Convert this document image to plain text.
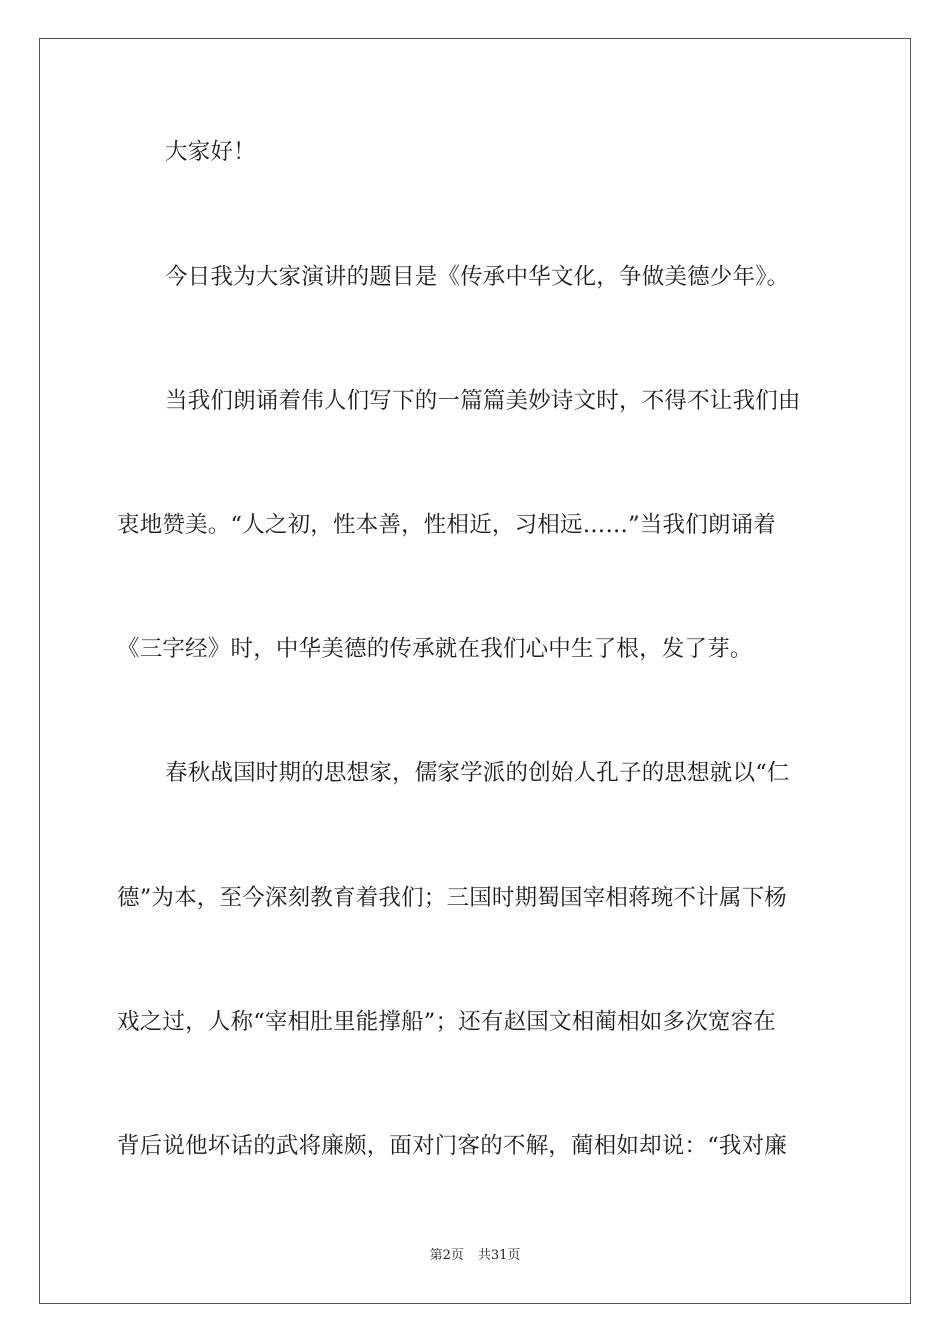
大家好！
今日我为大家演讲的题目是《传承中华文化，争做美德少年》。
当我们朗诵着伟人们写下的一篇篇美妙诗文时，不得不让我们由
衷地赞美。“人之初，性本善，性相近，习相远……”当我们朗诵着
《三字经》时，中华美德的传承就在我们心中生了根，发了芽。
春秋战国时期的思想家，儒家学派的创始人孔子的思想就以“仁
德”为本，至今深刻教育着我们；三国时期蜀国宰相蒋琬不计属下杨
戏之过，人称“宰相肚里能撑船”；还有赵国文相蔺相如多次宽容在
背后说他坏话的武将廉颇，面对门客的不解，蔺相如却说：“我对廉
第2页 共31页
